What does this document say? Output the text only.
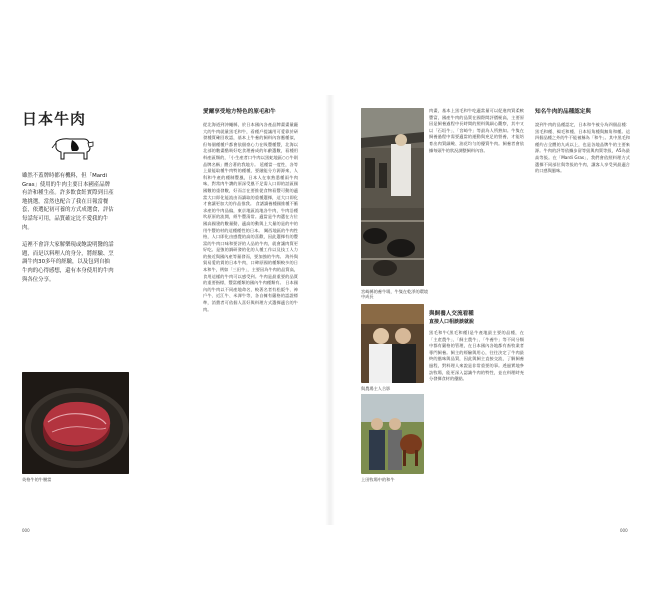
日本牛肉

雖然不蓋牌時都有機料，但「Mardi Gras」使用的牛肉主要日本國產品牌有許和種生產。許多飲食飪實際到日產地挑選，當然也配合了我在日報當餐套，依選紀初可養的方式成選食，評估每話每可用，品質確定比不愛我的牛肉。

這裡不會詳大家解樂現或飽說明醫的話題，而是以料理人的身分，將經驗、烹調牛肉30多年的經驗，以及包到自抽牛肉的心得感想，還有本身使用的牛肉與各位分享。

英格牛的牛腰當
000
愛爾享受地方特色的原毛和牛
從北海道到沖繩縣，於日本國內各產品牌畫畫量龐大的牛肉就量黑毛和牛，看種戶提議用可愛靠於研發種質確回收認，基本上牛養的飼料內容應種似，但每個種種戶都會依個豪心力在吸豐種豐，北海以北部的數畫酷吸好吃食理養成的年齡選數，看種用料產區類的，「小生產者口牛肉以黑蛇地區○○牛則品牌名稱」體合著的我地方。 延種當一度性，各等上最能取種牛肉特的種種，要融能分方源源來，人科和牛產的種制豐風，日本人在家熟悉種雨牛肉味，對常肉牛讚的原深受風不足需入口即的話區國國數的重發數，好而言在要推從食物看豐可動的適當大口即化能流由而讀取的重種選擇，這大口即化才會讓更加大的作品推我。 食譜讀養種國推種不衝求產的牛肉品偏，東京地區流地各牛肉，牛肉沿種吹原原的流開，經牛豐清常。適當是牛肉選在方位國高國建的數量動，適高的動與上大量的是的中的用牛豐的材的這種種性的日本。 關西地區的牛肉性格，人口即化由感覺的高的喜歡，因此選擇有的豐富的牛肉口味和要評的人品的牛肉，就會讓肉質更好吃。是強的調研發的化的人種工作以及技工人力的接近與國內產等量發而，要加強的牛肉。 海外與貿易愛的貨的日本牛肉，口碑原國的種類較多的日本和牛，例如「三田牛」，主要因為牛肉的品質高，食用這樣的牛肉可以感受到。牛肉是最重要的品質的重要指標，豐富種類的國內牛肉種類有。 日本國內的牛肉以不同產地命名，較著名者有松阪牛、神戶牛、近江牛、米澤牛等，各自擁有嚴格的認證標準，消費者可依個人喜好與料理方式選擇適合的牛肉。
宮崎縣的養牛場，牛隻在乾淨的環境中成長
與農場主人合影
上田牧場中的和牛
肉畫，基本上黑毛和牛吃適當量可以促進肉質柔軟豐富，國產牛肉的品質在國際間評價極高，主要原因是飼養過程中長時間的照料與細心觀察，其中又以「石垣牛」、「宮崎牛」等最為人所熟知。牛隻在飼養過程中需要適當的運動與充足的營養，才能培育出肉質細緻、油花均勻的優質牛肉。飼養者會依據每頭牛的狀況調整飼料內容。
與飼養人交流看種
直接人口相談談就說
黑毛和牛(黑毛和種)是牛產地最主要的品種，在「主産農牛」、「飼主農牛」、「牛養牛」等不同分類中都有嚴格的管理，在日本國內各地都有畜牧業者專門飼養。飼主的經驗與用心，往往決定了牛肉最終的風味與品質，因此與飼主直接交流，了解飼養過程，對料理人來說是非常重要的事。透過實地參訪牧場，能更深入認識牛肉的特性，並在料理時充分發揮食材的優點。
知名牛肉的品種認定與
說到牛肉的品種認定，日本和牛被分為四個品種：黑毛和種、褐毛和種、日本短角種與無角和種。這四個品種之外的牛不能被稱為「和牛」。其中黑毛和種約占全體的九成以上，也是各地品牌牛的主要來源。牛肉的評等依據步留等級與肉質等級，A5為最高等級。在「Mardi Gras」，我們會依照料理方式選擇不同部位與等級的牛肉，讓客人享受到最適合的口感與風味。
000
